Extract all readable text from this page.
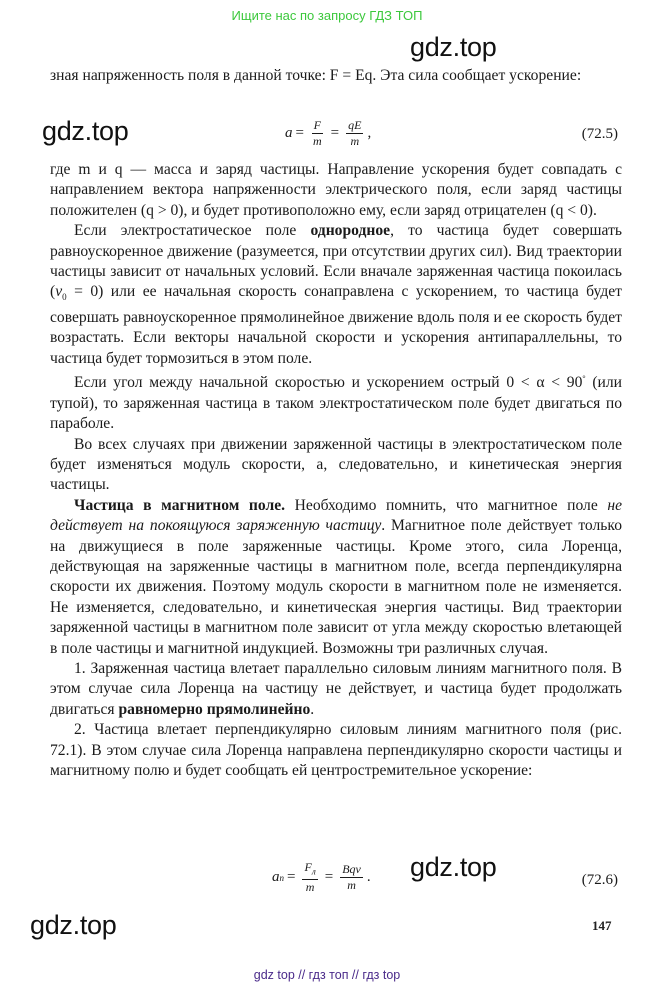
Ищите нас по запросу ГДЗ ТОП
gdz.top

зная напряженность поля в данной точке: F = Eq. Эта сила сообщает ускорение:

gdz.top	$a = \frac{F}{m} = \frac{qE}{m}$ ,	(72.5)

где m и q — масса и заряд частицы. Направление ускорения будет совпадать с направлением вектора напряженности электрического поля, если заряд частицы положителен (q > 0), и будет противоположно ему, если заряд отрицателен (q < 0).

Если электростатическое поле однородное, то частица будет совершать равноускоренное движение (разумеется, при отсутствии других сил). Вид траектории частицы зависит от начальных условий. Если вначале заряженная частица покоилась $(v_0 = 0)$ или ее начальная скорость сонаправлена с ускорением, то частица будет совершать равноускоренное прямолинейное движение вдоль поля и ее скорость будет возрастать. Если векторы начальной скорости и ускорения антипараллельны, то частица будет тормозиться в этом поле.

Если угол между начальной скоростью и ускорением острый 0 < α < 90° (или тупой), то заряженная частица в таком электростатическом поле будет двигаться по параболе.

Во всех случаях при движении заряженной частицы в электростатическом поле будет изменяться модуль скорости, а, следовательно, и кинетическая энергия частицы.

Частица в магнитном поле. Необходимо помнить, что магнитное поле не действует на покоящуюся заряженную частицу. Магнитное поле действует только на движущиеся в поле заряженные частицы. Кроме этого, сила Лоренца, действующая на заряженные частицы в магнитном поле, всегда перпендикулярна скорости их движения. Поэтому модуль скорости в магнитном поле не изменяется. Не изменяется, следовательно, и кинетическая энергия частицы. Вид траектории заряженной частицы в магнитном поле зависит от угла между скоростью влетающей в поле частицы и магнитной индукцией. Возможны три различных случая.

1. Заряженная частица влетает параллельно силовым линиям магнитного поля. В этом случае сила Лоренца на частицу не действует, и частица будет продолжать двигаться равномерно прямолинейно.

2. Частица влетает перпендикулярно силовым линиям магнитного поля (рис. 72.1). В этом случае сила Лоренца направлена перпендикулярно скорости частицы и магнитному полю и будет сообщать ей центростремительное ускорение:

a $n = \frac{F_л}{m} = \frac{\text{Bqv}}{m}$ .	(72.6)
gdz.top
gdz.top	147
gdz top // гдз топ // гдз top
